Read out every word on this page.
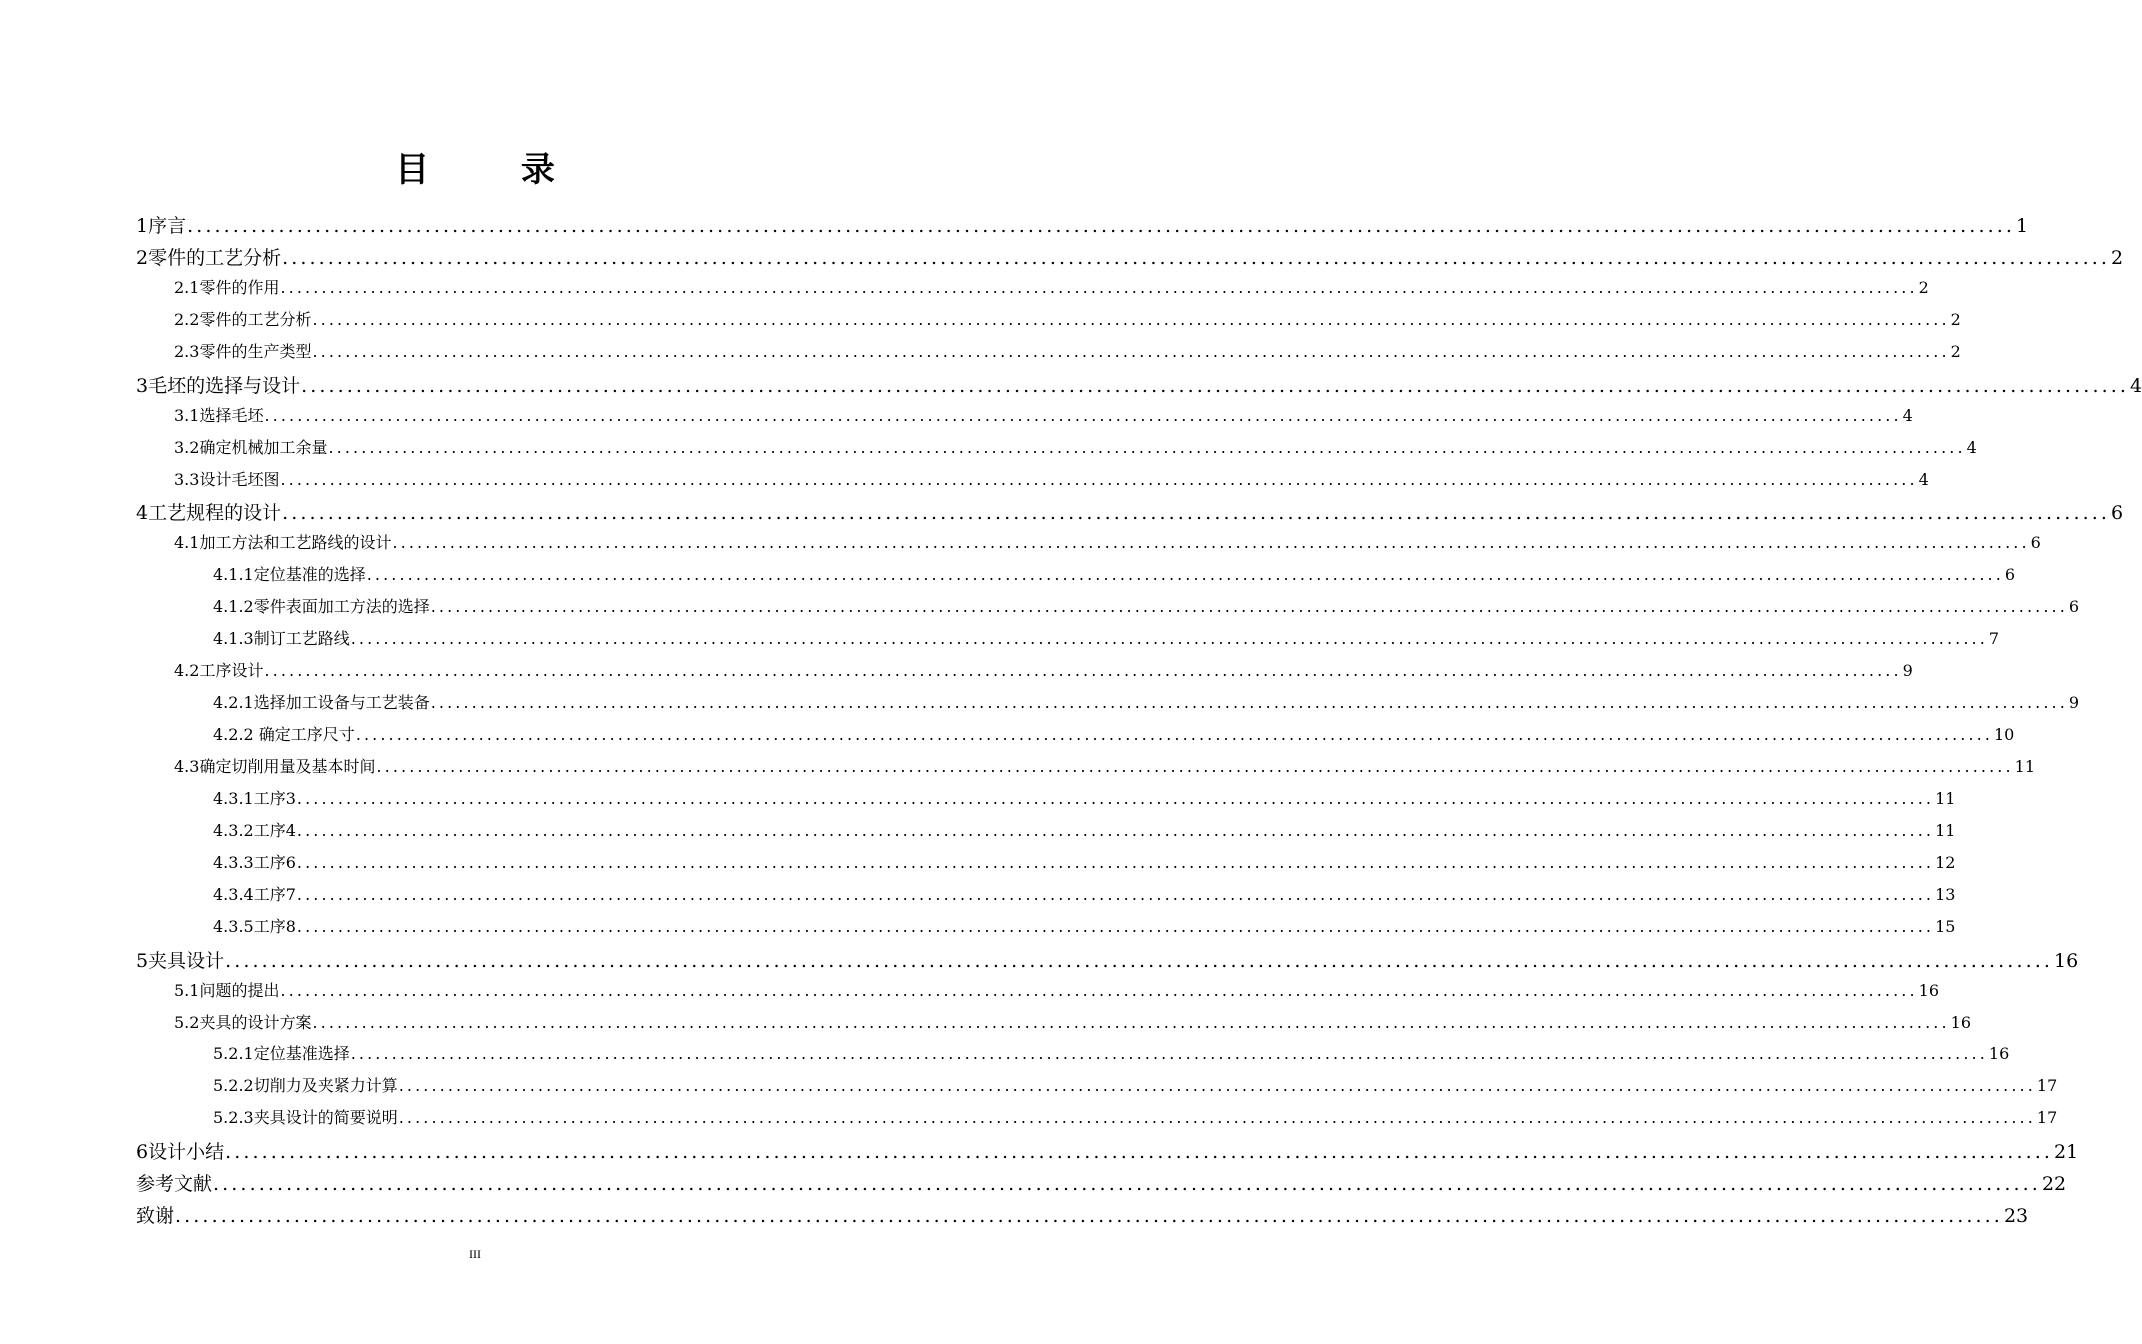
目 录
1序言 ........................................................................................................................................................................................................ 1
2零件的工艺分析 ........................................................................................................................................................................................................ 2
2.1零件的作用 ........................................................................................................................................................................................................ 2
2.2零件的工艺分析 ........................................................................................................................................................................................................ 2
2.3零件的生产类型 ........................................................................................................................................................................................................ 2
3毛坯的选择与设计 ........................................................................................................................................................................................................ 4
3.1选择毛坯 ........................................................................................................................................................................................................ 4
3.2确定机械加工余量 ........................................................................................................................................................................................................ 4
3.3设计毛坯图 ........................................................................................................................................................................................................ 4
4工艺规程的设计 ........................................................................................................................................................................................................ 6
4.1加工方法和工艺路线的设计 ........................................................................................................................................................................................................ 6
4.1.1定位基准的选择 ........................................................................................................................................................................................................ 6
4.1.2零件表面加工方法的选择 ........................................................................................................................................................................................................ 6
4.1.3制订工艺路线 ........................................................................................................................................................................................................ 7
4.2工序设计 ........................................................................................................................................................................................................ 9
4.2.1选择加工设备与工艺装备 ........................................................................................................................................................................................................ 9
4.2.2 确定工序尺寸 ........................................................................................................................................................................................................ 10
4.3确定切削用量及基本时间 ........................................................................................................................................................................................................ 11
4.3.1工序3 ........................................................................................................................................................................................................ 11
4.3.2工序4 ........................................................................................................................................................................................................ 11
4.3.3工序6 ........................................................................................................................................................................................................ 12
4.3.4工序7 ........................................................................................................................................................................................................ 13
4.3.5工序8 ........................................................................................................................................................................................................ 15
5夹具设计 ........................................................................................................................................................................................................ 16
5.1问题的提出 ........................................................................................................................................................................................................ 16
5.2夹具的设计方案 ........................................................................................................................................................................................................ 16
5.2.1定位基准选择 ........................................................................................................................................................................................................ 16
5.2.2切削力及夹紧力计算 ........................................................................................................................................................................................................ 17
5.2.3夹具设计的简要说明 ........................................................................................................................................................................................................ 17
6设计小结 ........................................................................................................................................................................................................ 21
参考文献 ........................................................................................................................................................................................................ 22
致谢 ........................................................................................................................................................................................................ 23
III
